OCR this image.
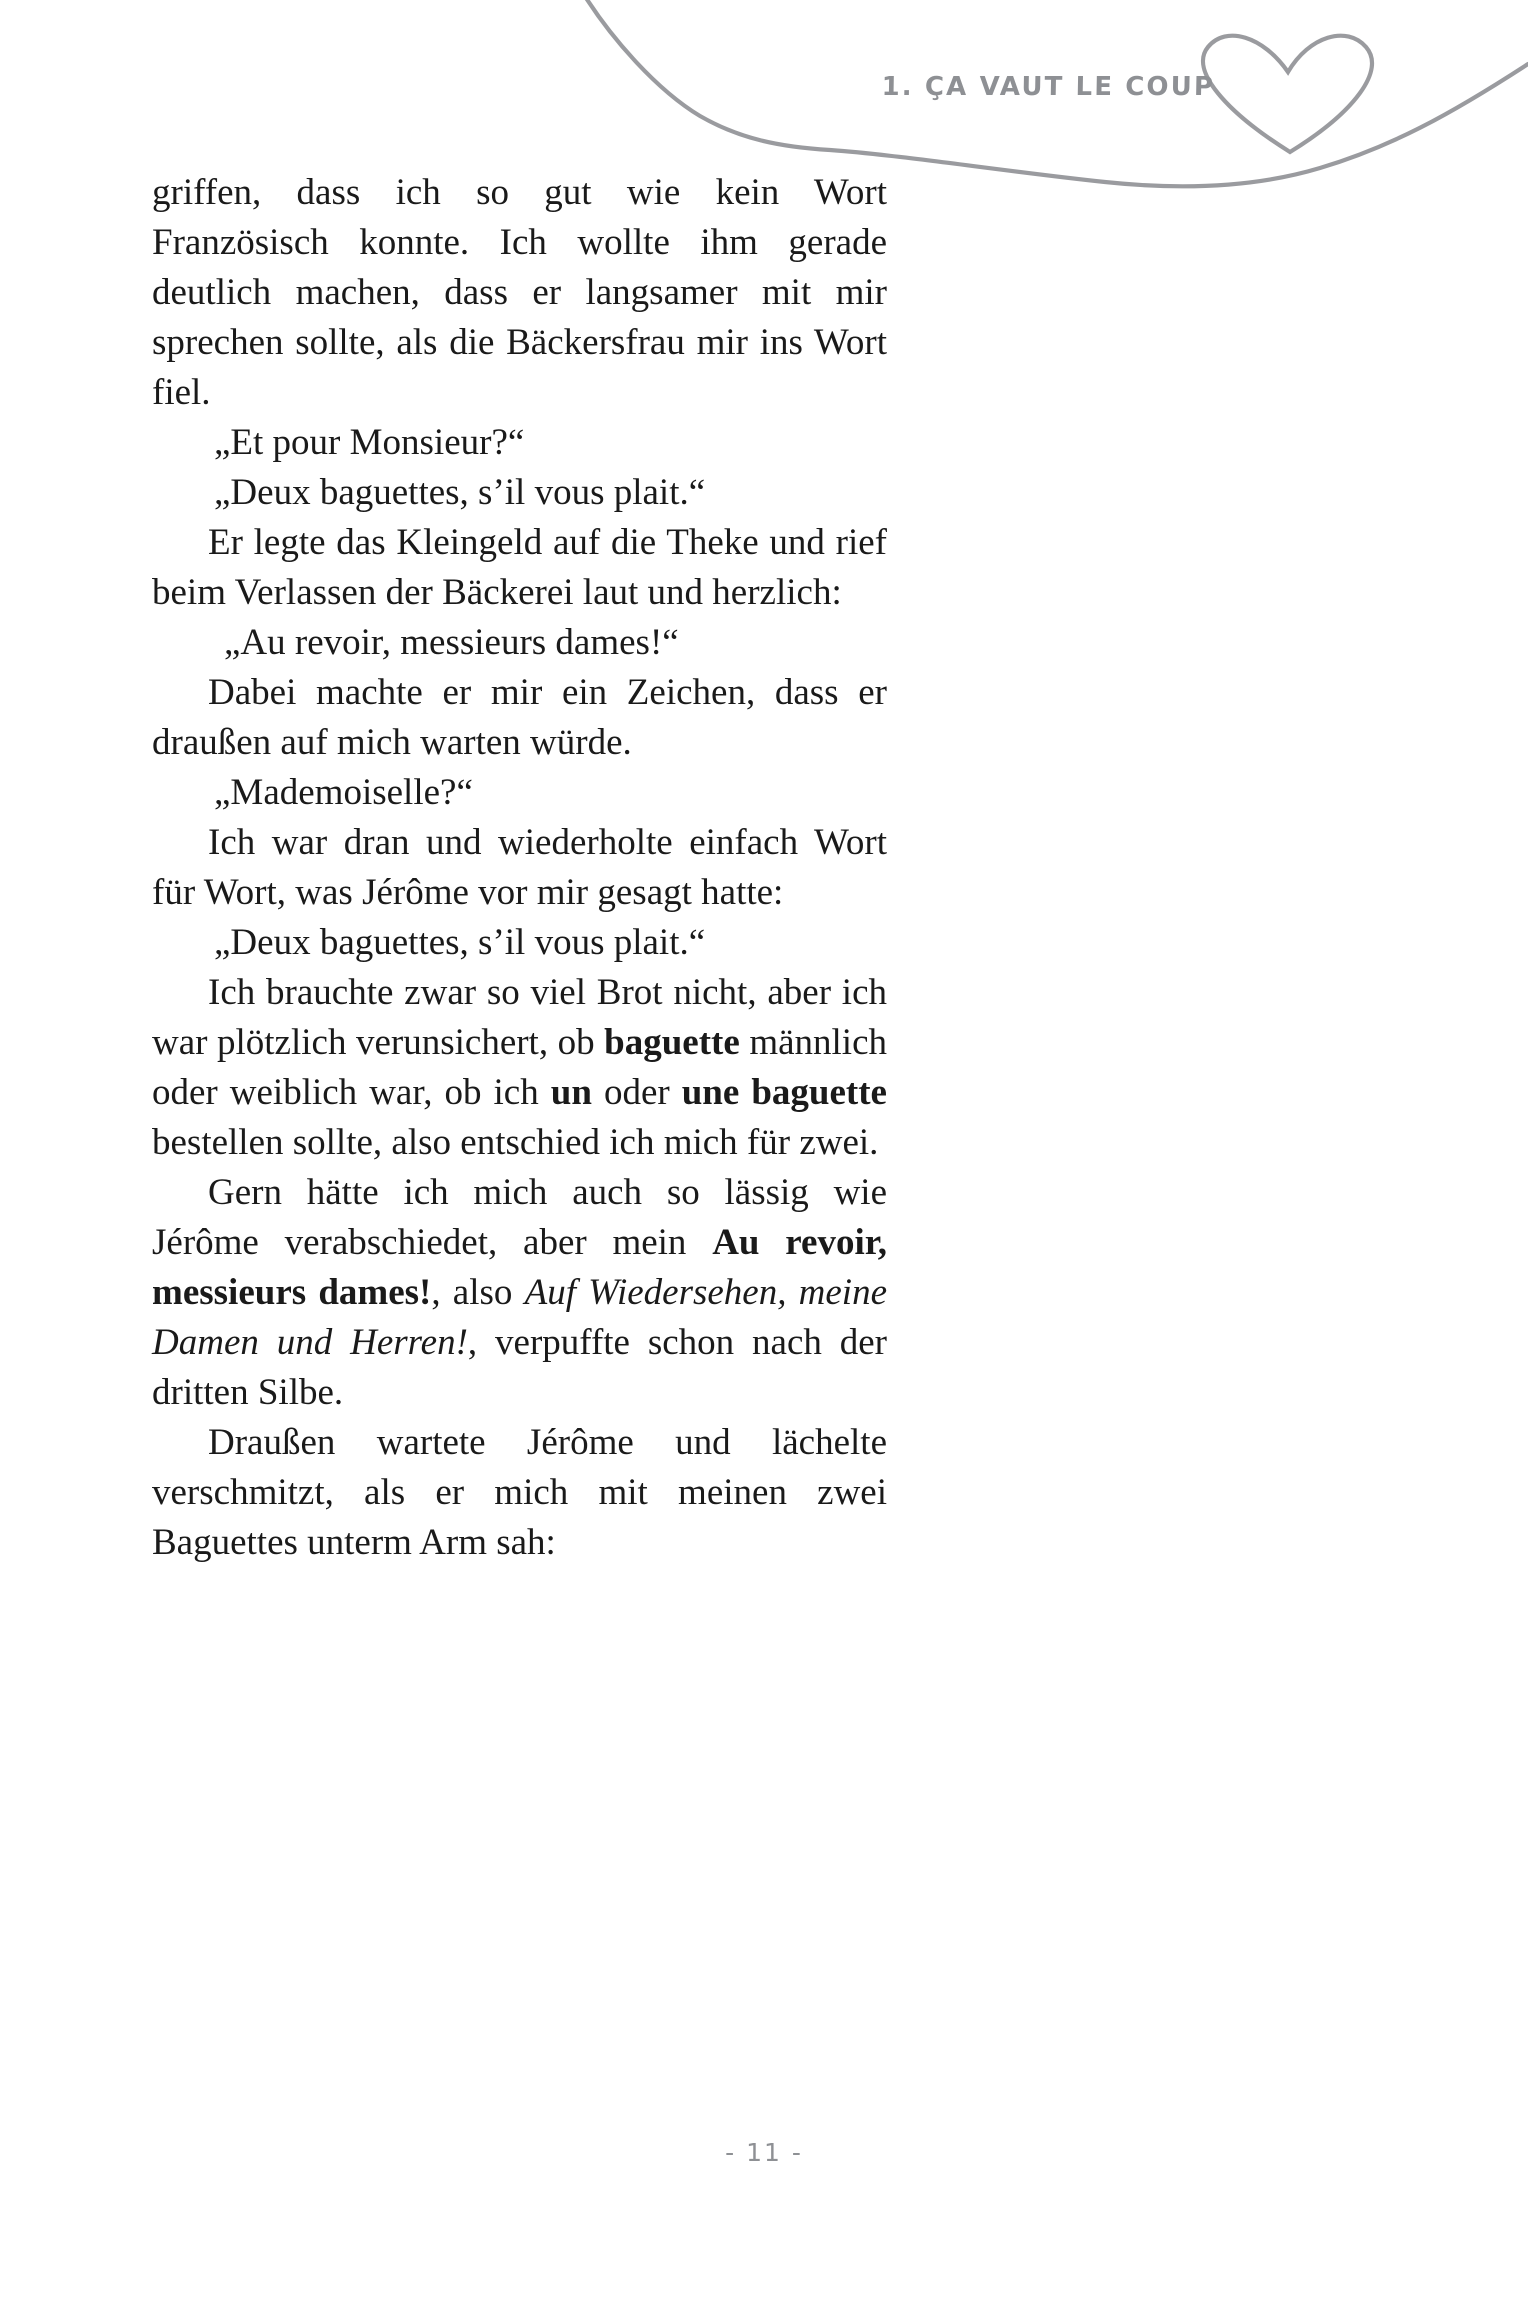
1. ÇA VAUT LE COUP

griffen, dass ich so gut wie kein Wort Französisch konnte. Ich wollte ihm gerade deutlich machen, dass er langsamer mit mir sprechen sollte, als die Bäckersfrau mir ins Wort fiel.

„Et pour Monsieur?“

„Deux baguettes, s’il vous plait.“

Er legte das Kleingeld auf die Theke und rief beim Verlassen der Bäckerei laut und herzlich:

„Au revoir, messieurs dames!“

Dabei machte er mir ein Zeichen, dass er draußen auf mich warten würde.

„Mademoiselle?“

Ich war dran und wiederholte einfach Wort für Wort, was Jérôme vor mir gesagt hatte:

„Deux baguettes, s’il vous plait.“

Ich brauchte zwar so viel Brot nicht, aber ich war plötzlich verunsichert, ob baguette männlich oder weiblich war, ob ich un oder une baguette bestellen sollte, also entschied ich mich für zwei.

Gern hätte ich mich auch so lässig wie Jérôme verabschiedet, aber mein Au revoir, messieurs dames!, also Auf Wiedersehen, meine Damen und Herren!, verpuffte schon nach der dritten Silbe.

Draußen wartete Jérôme und lächelte verschmitzt, als er mich mit meinen zwei Baguettes unterm Arm sah:

- 11 -
